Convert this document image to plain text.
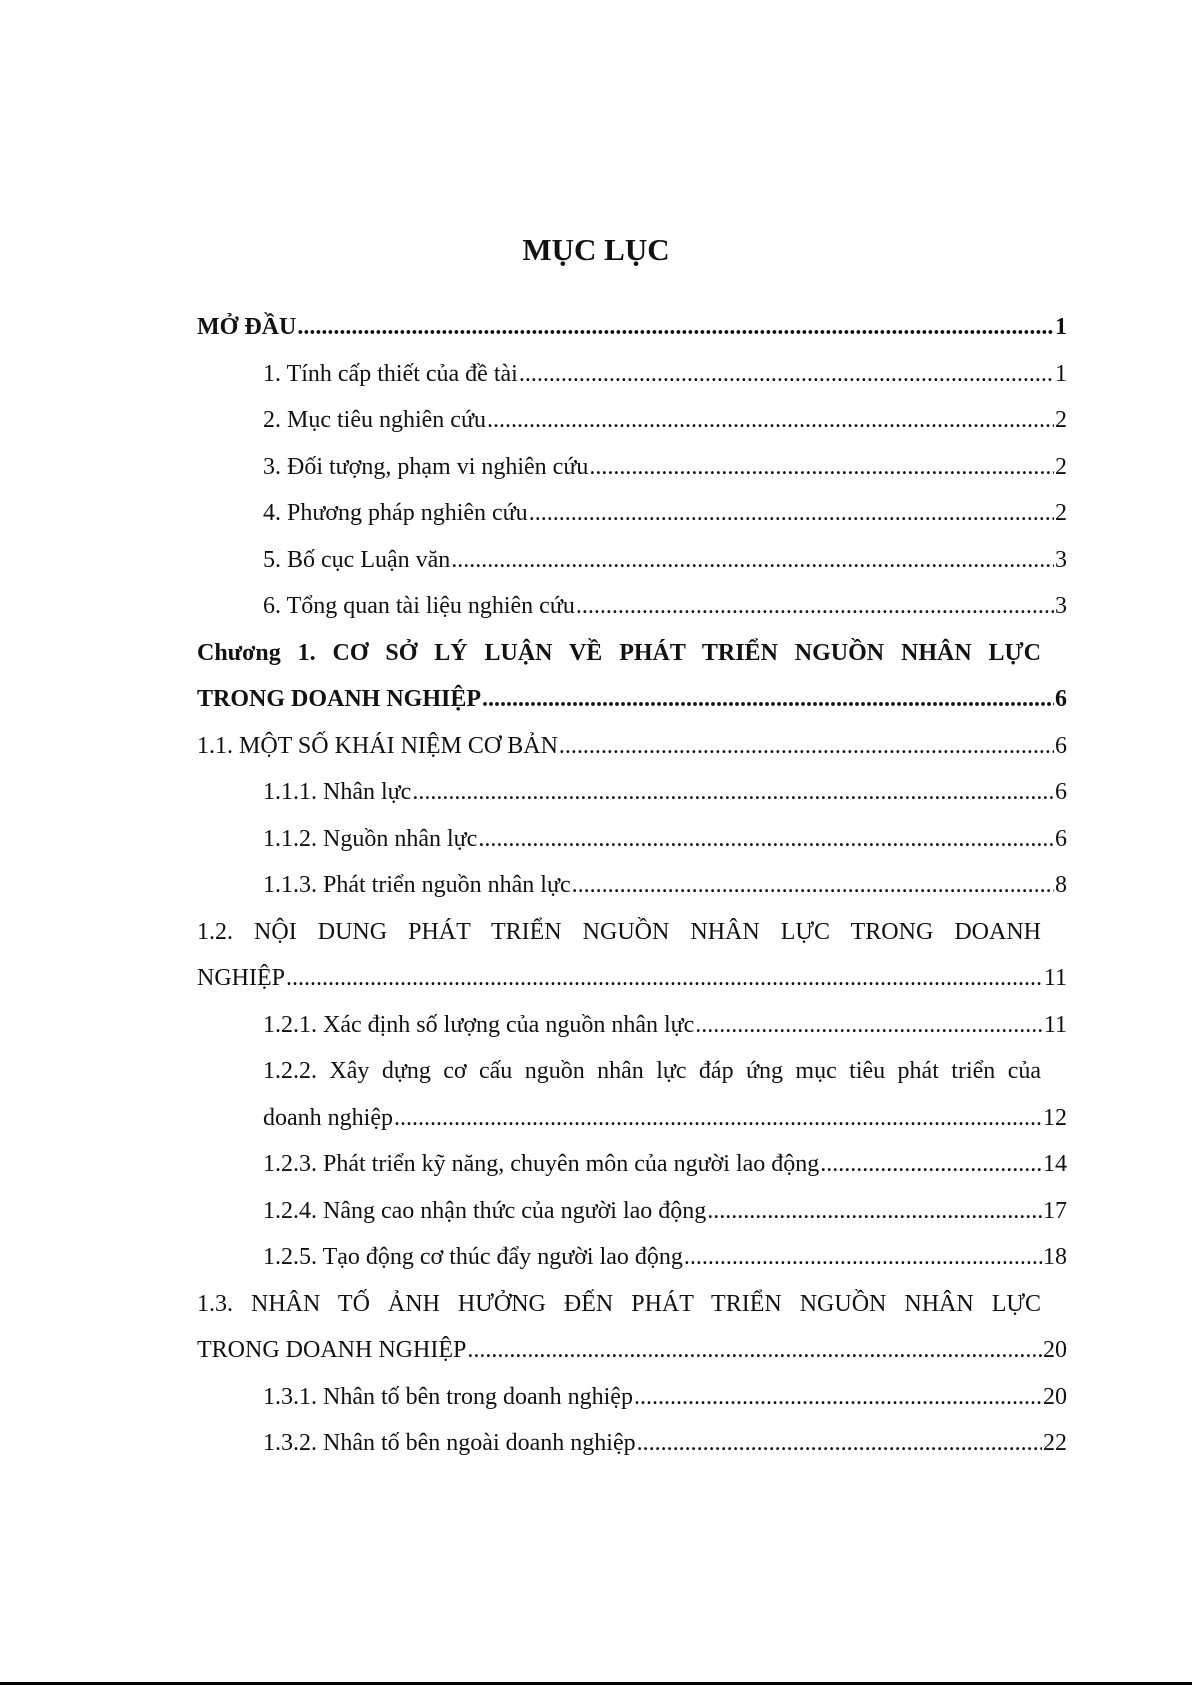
MỤC LỤC
MỞ ĐẦU .....	1
1. Tính cấp thiết của đề tài .....	1
2. Mục tiêu nghiên cứu .....	2
3. Đối tượng, phạm vi nghiên cứu .....	2
4. Phương pháp nghiên cứu .....	2
5. Bố cục Luận văn .....	3
6. Tổng quan tài liệu nghiên cứu .....	3
Chương 1. CƠ SỞ LÝ LUẬN VỀ PHÁT TRIỂN NGUỒN NHÂN LỰC
TRONG DOANH NGHIỆP .....	6
1.1. MỘT SỐ KHÁI NIỆM CƠ BẢN .....	6
1.1.1. Nhân lực .....	6
1.1.2. Nguồn nhân lực .....	6
1.1.3. Phát triển nguồn nhân lực .....	8
1.2. NỘI DUNG PHÁT TRIỂN NGUỒN NHÂN LỰC TRONG DOANH
NGHIỆP .....	11
1.2.1. Xác định số lượng của nguồn nhân lực .....	11
1.2.2. Xây dựng cơ cấu nguồn nhân lực đáp ứng mục tiêu phát triển của
doanh nghiệp .....	12
1.2.3. Phát triển kỹ năng, chuyên môn của người lao động .....	14
1.2.4. Nâng cao nhận thức của người lao động .....	17
1.2.5. Tạo động cơ thúc đẩy người lao động .....	18
1.3. NHÂN TỐ ẢNH HƯỞNG ĐẾN PHÁT TRIỂN NGUỒN NHÂN LỰC
TRONG DOANH NGHIỆP .....	20
1.3.1. Nhân tố bên trong doanh nghiệp .....	20
1.3.2. Nhân tố bên ngoài doanh nghiệp .....	22
